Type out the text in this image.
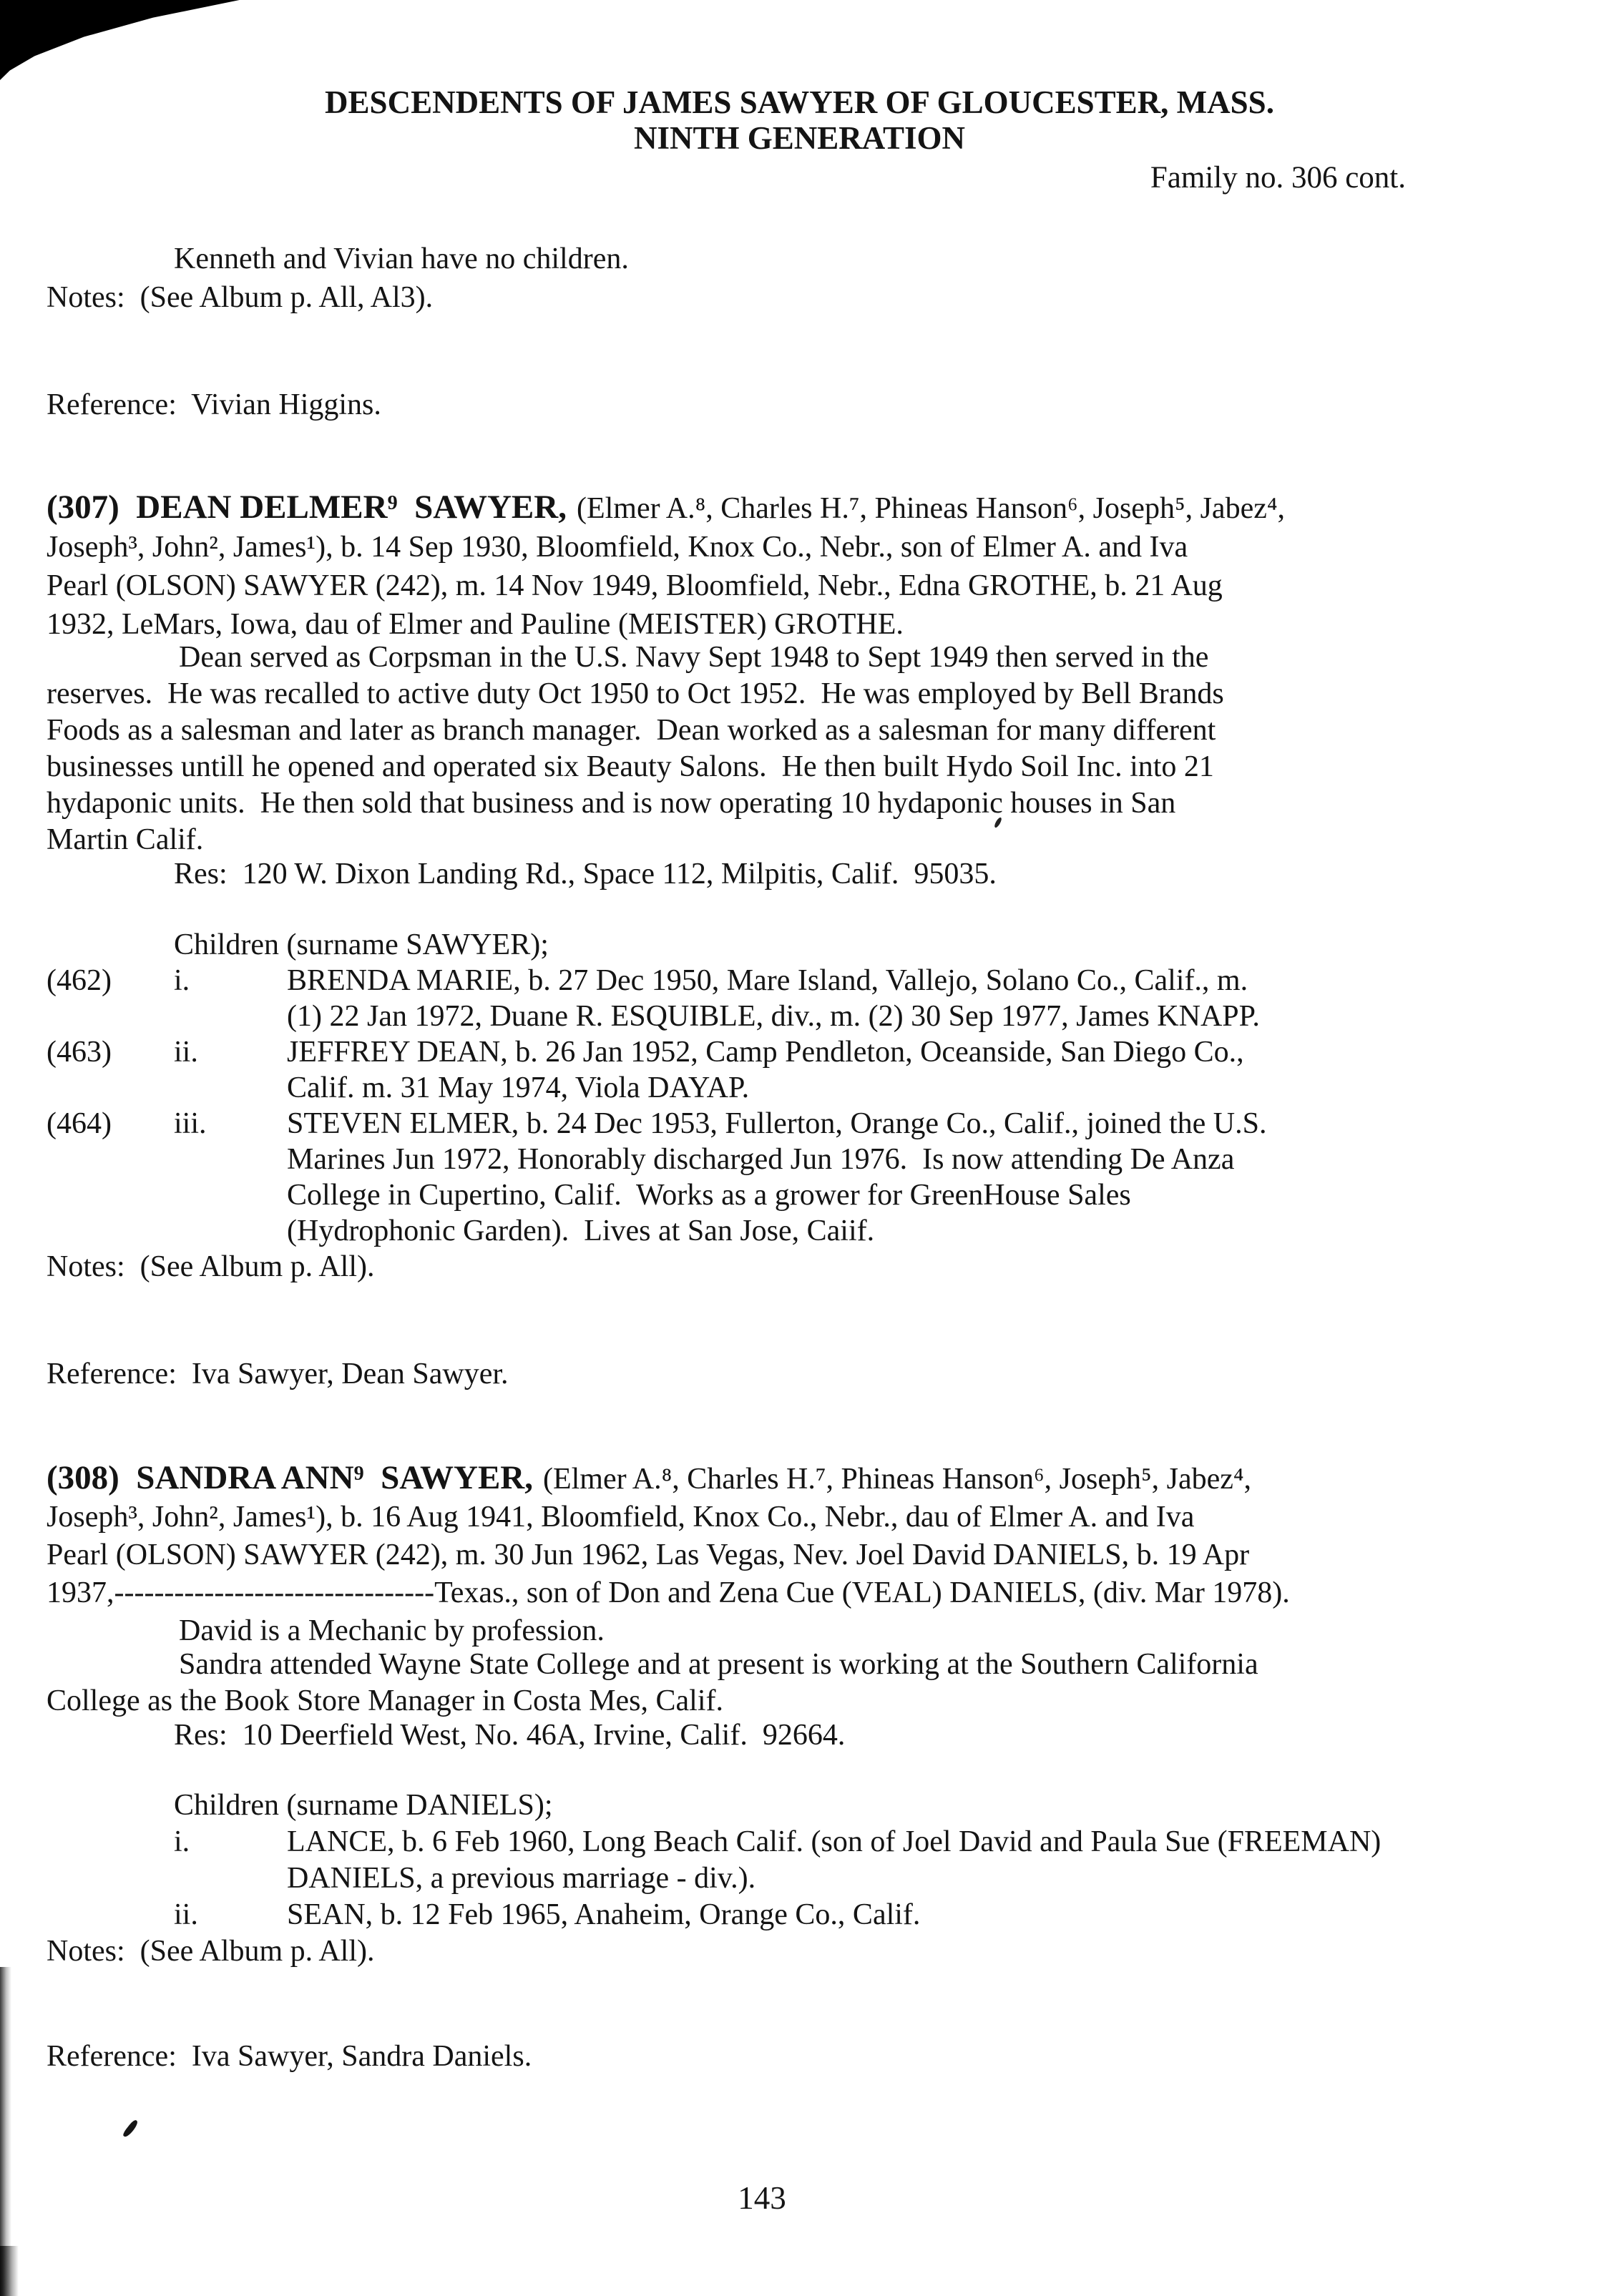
DESCENDENTS OF JAMES SAWYER OF GLOUCESTER, MASS.
NINTH GENERATION
Family no. 306 cont.
Kenneth and Vivian have no children.
Notes:  (See Album p. All, Al3).
Reference:  Vivian Higgins.
(307)  DEAN DELMER⁹  SAWYER, (Elmer A.⁸, Charles H.⁷, Phineas Hanson⁶, Joseph⁵, Jabez⁴,
Joseph³, John², James¹), b. 14 Sep 1930, Bloomfield, Knox Co., Nebr., son of Elmer A. and Iva
Pearl (OLSON) SAWYER (242), m. 14 Nov 1949, Bloomfield, Nebr., Edna GROTHE, b. 21 Aug
1932, LeMars, Iowa, dau of Elmer and Pauline (MEISTER) GROTHE.
Dean served as Corpsman in the U.S. Navy Sept 1948 to Sept 1949 then served in the
reserves.  He was recalled to active duty Oct 1950 to Oct 1952.  He was employed by Bell Brands
Foods as a salesman and later as branch manager.  Dean worked as a salesman for many different
businesses untill he opened and operated six Beauty Salons.  He then built Hydo Soil Inc. into 21
hydaponic units.  He then sold that business and is now operating 10 hydaponic houses in San
Martin Calif.
Res:  120 W. Dixon Landing Rd., Space 112, Milpitis, Calif.  95035.
Children (surname SAWYER);
(462)	i.	BRENDA MARIE, b. 27 Dec 1950, Mare Island, Vallejo, Solano Co., Calif., m.
(1) 22 Jan 1972, Duane R. ESQUIBLE, div., m. (2) 30 Sep 1977, James KNAPP.
(463)	ii.	JEFFREY DEAN, b. 26 Jan 1952, Camp Pendleton, Oceanside, San Diego Co.,
Calif. m. 31 May 1974, Viola DAYAP.
(464)	iii.	STEVEN ELMER, b. 24 Dec 1953, Fullerton, Orange Co., Calif., joined the U.S.
Marines Jun 1972, Honorably discharged Jun 1976.  Is now attending De Anza
College in Cupertino, Calif.  Works as a grower for GreenHouse Sales
(Hydrophonic Garden).  Lives at San Jose, Caiif.
Notes:  (See Album p. All).
Reference:  Iva Sawyer, Dean Sawyer.
(308)  SANDRA ANN⁹  SAWYER, (Elmer A.⁸, Charles H.⁷, Phineas Hanson⁶, Joseph⁵, Jabez⁴,
Joseph³, John², James¹), b. 16 Aug 1941, Bloomfield, Knox Co., Nebr., dau of Elmer A. and Iva
Pearl (OLSON) SAWYER (242), m. 30 Jun 1962, Las Vegas, Nev. Joel David DANIELS, b. 19 Apr
1937,--------------------------------Texas., son of Don and Zena Cue (VEAL) DANIELS, (div. Mar 1978).
David is a Mechanic by profession.
Sandra attended Wayne State College and at present is working at the Southern California
College as the Book Store Manager in Costa Mes, Calif.
Res:  10 Deerfield West, No. 46A, Irvine, Calif.  92664.
Children (surname DANIELS);
i.	LANCE, b. 6 Feb 1960, Long Beach Calif. (son of Joel David and Paula Sue (FREEMAN)
DANIELS, a previous marriage - div.).
ii.	SEAN, b. 12 Feb 1965, Anaheim, Orange Co., Calif.
Notes:  (See Album p. All).
Reference:  Iva Sawyer, Sandra Daniels.
143
